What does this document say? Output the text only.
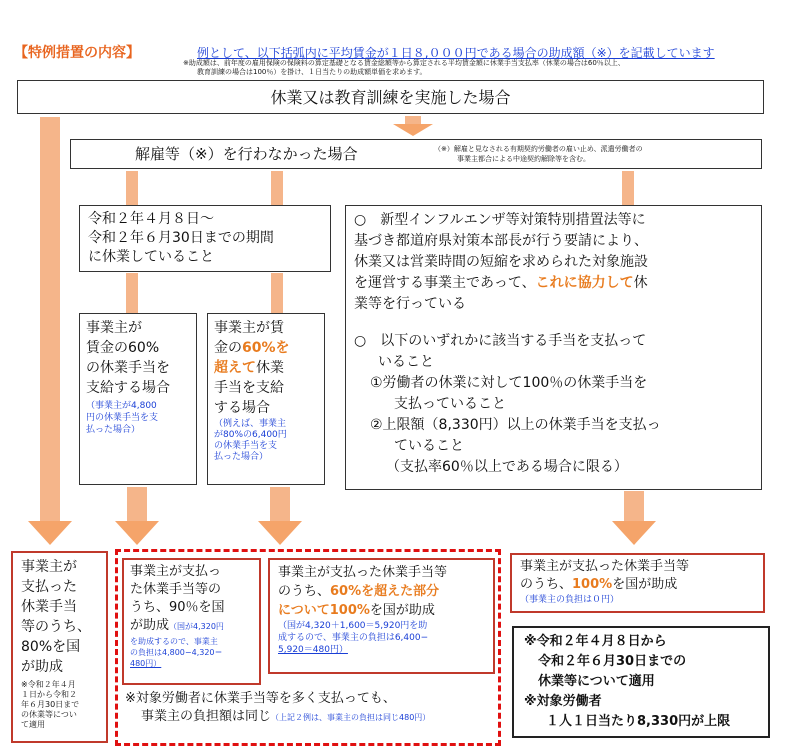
【特例措置の内容】	例として、以下括弧内に平均賃金が１日８,０００円である場合の助成額（※）を記載しています
※助成額は、前年度の雇用保険の保険料の算定基礎となる賃金総額等から算定される平均賃金額に休業手当支払率（休業の場合は60％以上、
教育訓練の場合は100％）を掛け、１日当たりの助成額単価を求めます。
休業又は教育訓練を実施した場合
解雇等（※）を行わなかった場合	（※）解雇と見なされる有期契約労働者の雇い止め、派遣労働者の
事業主都合による中途契約解除等を含む。
令和２年４月８日～
令和２年６月30日までの期間
に休業していること
○　新型インフルエンザ等対策特別措置法等に
基づき都道府県対策本部長が行う要請により、
休業又は営業時間の短縮を求められた対象施設
を運営する事業主であって、これに協力して休
業等を行っている
○　以下のいずれかに該当する手当を支払って
いること
①労働者の休業に対して100％の休業手当を
支払っていること
②上限額（8,330円）以上の休業手当を支払っ
ていること
（支払率60％以上である場合に限る）
事業主が
賃金の60%
の休業手当を
支給する場合
（事業主が4,800
円の休業手当を支
払った場合）
事業主が賃
金の60%を
超えて休業
手当を支給
する場合
（例えば、事業主
が80%の6,400円
の休業手当を支
払った場合）
事業主が
支払った
休業手当
等のうち、
80%を国
が助成
※令和２年４月
１日から令和２
年６月30日まで
の休業等につい
て適用
事業主が支払っ
た休業手当等の
うち、90％を国
が助成（国が4,320円
を助成するので、事業主
の負担は4,800−4,320＝
480円）
事業主が支払った休業手当等
のうち、60%を超えた部分
について100%を国が助成
（国が4,320＋1,600＝5,920円を助
成するので、事業主の負担は6,400−
5,920＝480円）
※対象労働者に休業手当等を多く支払っても、
事業主の負担額は同じ（上記２例は、事業主の負担は同じ480円）
事業主が支払った休業手当等
のうち、100%を国が助成
（事業主の負担は０円）
※令和２年４月８日から
令和２年６月30日までの
休業等について適用
※対象労働者
１人１日当たり8,330円が上限
